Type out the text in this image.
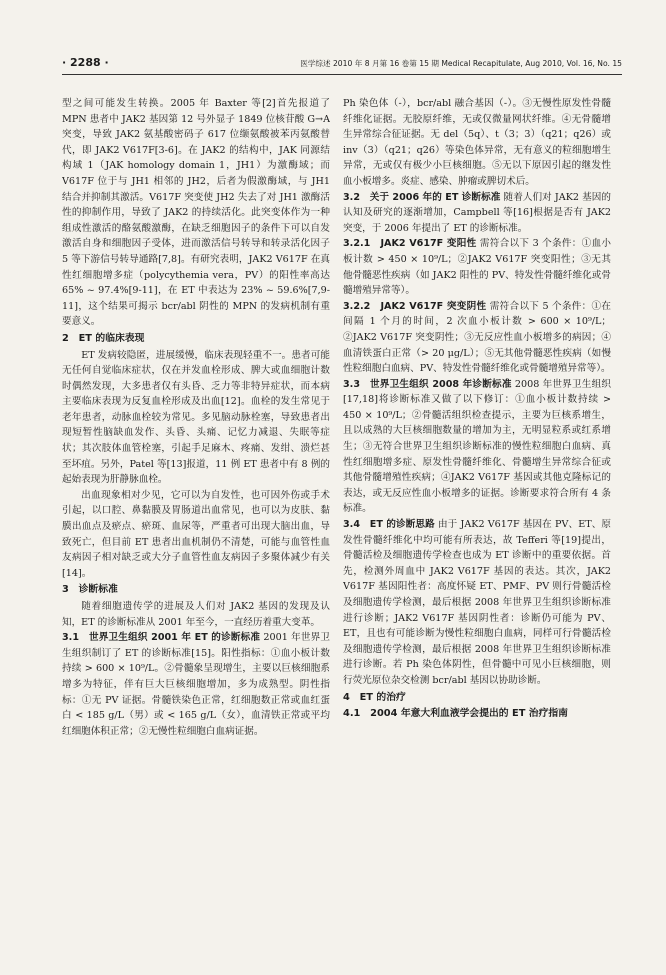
· 2288 ·	医学综述 2010 年 8 月第 16 卷第 15 期 Medical Recapitulate, Aug 2010, Vol. 16, No. 15

型之间可能发生转换。2005 年 Baxter 等[2]首先报道了 MPN 患者中 JAK2 基因第 12 号外显子 1849 位核苷酸 G→A 突变，导致 JAK2 氨基酸密码子 617 位缬氨酸被苯丙氨酸替代，即 JAK2 V617F[3-6]。在 JAK2 的结构中，JAK 同源结构域 1（JAK homology domain 1，JH1）为激酶域；而 V617F 位于与 JH1 相邻的 JH2，后者为假激酶域，与 JH1 结合并抑制其激活。V617F 突变使 JH2 失去了对 JH1 激酶活性的抑制作用，导致了 JAK2 的持续活化。此突变体作为一种组成性激活的酪氨酸激酶，在缺乏细胞因子的条件下可以自发激活自身和细胞因子受体，进而激活信号转导和转录活化因子 5 等下游信号转导通路[7,8]。有研究表明，JAK2 V617F 在真性红细胞增多症（polycythemia vera，PV）的阳性率高达 65% ~ 97.4%[9-11]，在 ET 中表达为 23% ~ 59.6%[7,9-11]，这个结果可揭示 bcr/abl 阴性的 MPN 的发病机制有重要意义。

2　ET 的临床表现

ET 发病较隐匿，进展缓慢，临床表现轻重不一。患者可能无任何自觉临床症状，仅在并发血栓形成、脾大或血细胞计数时偶然发现，大多患者仅有头昏、乏力等非特异症状，而本病主要临床表现为反复血栓形成及出血[12]。血栓的发生常见于老年患者，动脉血栓较为常见。多见脑动脉栓塞，导致患者出现短暂性脑缺血发作、头昏、头痛、记忆力减退、失眠等症状；其次肢体血管栓塞，引起手足麻木、疼痛、发绀、溃烂甚至坏疽。另外，Patel 等[13]报道，11 例 ET 患者中有 8 例的起始表现为肝静脉血栓。

出血现象相对少见，它可以为自发性，也可因外伤或手术引起，以口腔、鼻黏膜及胃肠道出血常见，也可以为皮肤、黏膜出血点及瘀点、瘀斑、血尿等，严重者可出现大脑出血，导致死亡，但目前 ET 患者出血机制仍不清楚，可能与血管性血友病因子相对缺乏或大分子血管性血友病因子多聚体减少有关[14]。

3　诊断标准

随着细胞遗传学的进展及人们对 JAK2 基因的发现及认知，ET 的诊断标准从 2001 年至今，一直经历着重大变革。

3.1　世界卫生组织 2001 年 ET 的诊断标准 2001 年世界卫生组织制订了 ET 的诊断标准[15]。阳性指标：①血小板计数持续 > 600 × 10⁹/L。②骨髓象呈现增生，主要以巨核细胞系增多为特征，伴有巨大巨核细胞增加，多为成熟型。阴性指标：①无 PV 证据。骨髓铁染色正常，红细胞数正常或血红蛋白 < 185 g/L（男）或 < 165 g/L（女），血清铁正常或平均红细胞体积正常；②无慢性粒细胞白血病证据。

Ph 染色体（-），bcr/abl 融合基因（-）。③无慢性原发性骨髓纤维化证据。无胶原纤维，无或仅微量网状纤维。④无骨髓增生异常综合征证据。无 del（5q）、t（3；3）（q21；q26）或 inv（3）（q21；q26）等染色体异常，无有意义的粒细胞增生异常，无或仅有极少小巨核细胞。⑤无以下原因引起的继发性血小板增多。炎症、感染、肿瘤或脾切术后。

3.2　关于 2006 年的 ET 诊断标准 随着人们对 JAK2 基因的认知及研究的逐渐增加，Campbell 等[16]根据是否有 JAK2 突变，于 2006 年提出了 ET 的诊断标准。

3.2.1　JAK2 V617F 变阳性 需符合以下 3 个条件：①血小板计数 > 450 × 10⁹/L；②JAK2 V617F 突变阳性；③无其他骨髓恶性疾病（如 JAK2 阳性的 PV、特发性骨髓纤维化或骨髓增殖异常等）。

3.2.2　JAK2 V617F 突变阴性 需符合以下 5 个条件：①在间隔 1 个月的时间，2 次血小板计数 > 600 × 10⁹/L；②JAK2 V617F 突变阴性；③无反应性血小板增多的病因；④血清铁蛋白正常（> 20 μg/L）；⑤无其他骨髓恶性疾病（如慢性粒细胞白血病、PV、特发性骨髓纤维化或骨髓增殖异常等）。

3.3　世界卫生组织 2008 年诊断标准 2008 年世界卫生组织[17,18]将诊断标准又做了以下修订：①血小板计数持续 > 450 × 10⁹/L；②骨髓活组织检查提示，主要为巨核系增生，且以成熟的大巨核细胞数量的增加为主，无明显粒系或红系增生；③无符合世界卫生组织诊断标准的慢性粒细胞白血病、真性红细胞增多症、原发性骨髓纤维化、骨髓增生异常综合征或其他骨髓增殖性疾病；④JAK2 V617F 基因或其他克隆标记的表达，或无反应性血小板增多的证据。诊断要求符合所有 4 条标准。

3.4　ET 的诊断思路 由于 JAK2 V617F 基因在 PV、ET、原发性骨髓纤维化中均可能有所表达，故 Tefferi 等[19]提出，骨髓活检及细胞遗传学检查也成为 ET 诊断中的重要依据。首先，检测外周血中 JAK2 V617F 基因的表达。其次，JAK2 V617F 基因阳性者：高度怀疑 ET、PMF、PV 则行骨髓活检及细胞遗传学检测，最后根据 2008 年世界卫生组织诊断标准进行诊断；JAK2 V617F 基因阴性者：诊断仍可能为 PV、ET，且也有可能诊断为慢性粒细胞白血病，同样可行骨髓活检及细胞遗传学检测，最后根据 2008 年世界卫生组织诊断标准进行诊断。若 Ph 染色体阴性，但骨髓中可见小巨核细胞，则行荧光原位杂交检测 bcr/abl 基因以协助诊断。

4　ET 的治疗

4.1　2004 年意大利血液学会提出的 ET 治疗指南
